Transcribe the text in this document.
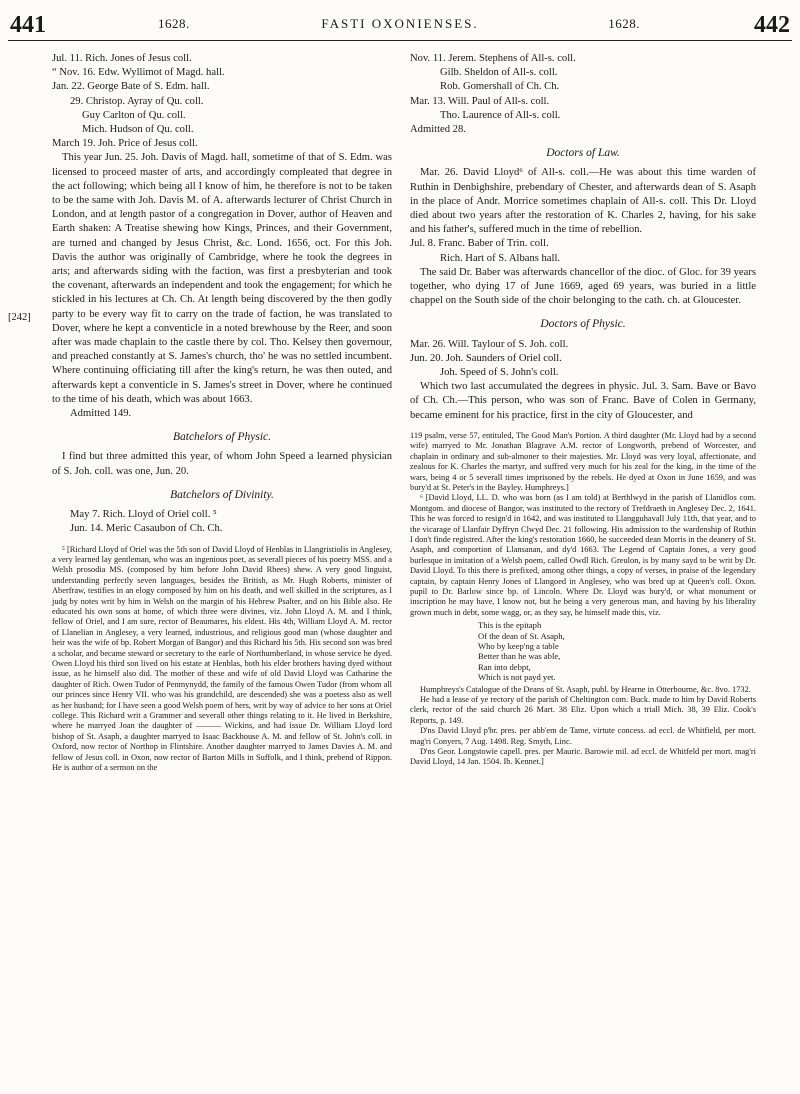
441	1628.	FASTI OXONIENSES.	1628.	442
[242]

Jul. 11. Rich. Jones of Jesus coll.

“ Nov. 16. Edw. Wyllimot of Magd. hall.

Jan. 22. George Bate of S. Edm. hall.

29. Christop. Ayray of Qu. coll.

Guy Carlton of Qu. coll.

Mich. Hudson of Qu. coll.

March 19. Joh. Price of Jesus coll.

This year Jun. 25. Joh. Davis of Magd. hall, sometime of that of S. Edm. was licensed to proceed master of arts, and accordingly compleated that degree in the act following; which being all I know of him, he therefore is not to be taken to be the same with Joh. Davis M. of A. afterwards lecturer of Christ Church in London, and at length pastor of a congregation in Dover, author of Heaven and Earth shaken: A Treatise shewing how Kings, Princes, and their Government, are turned and changed by Jesus Christ, &c. Lond. 1656, oct. For this Joh. Davis the author was originally of Cambridge, where he took the degrees in arts; and afterwards siding with the faction, was first a presbyterian and took the covenant, afterwards an independent and took the engagement; for which he stickled in his lectures at Ch. Ch. At length being discovered by the then godly party to be every way fit to carry on the trade of faction, he was translated to Dover, where he kept a conventicle in a noted brewhouse by the Reer, and soon after was made chaplain to the castle there by col. Tho. Kelsey then governour, and preached constantly at S. James's church, tho' he was no settled incumbent. Where continuing officiating till after the king's return, he was then outed, and afterwards kept a conventicle in S. James's street in Dover, where he continued to the time of his death, which was about 1663.

Admitted 149.

Batchelors of Physic.

I find but three admitted this year, of whom John Speed a learned physician of S. Joh. coll. was one, Jun. 20.

Batchelors of Divinity.

May 7. Rich. Lloyd of Oriel coll. ⁵

Jun. 14. Meric Casaubon of Ch. Ch.

⁵ [Richard Lloyd of Oriel was the 5th son of David Lloyd of Henblas in Llangristiolis in Anglesey, a very learned lay gentleman, who was an ingenious poet, as severall pieces of his poetry MSS. and a Welsh prosodia MS. (composed by him before John David Rhees) shew. A very good linguist, understanding perfectly seven languages, besides the British, as Mr. Hugh Roberts, minister of Aberfraw, testifies in an elogy composed by him on his death, and well skilled in the scriptures, as I judg by notes writ by him in Welsh on the margin of his Hebrew Psalter, and on his Bible also. He educated his own sons at home, of which three were divines, viz. John Lloyd A. M. and I think, fellow of Oriel, and I am sure, rector of Beaumares, his eldest. His 4th, William Lloyd A. M. rector of Llanelian in Anglesey, a very learned, industrious, and religious good man (whose daughter and heir was the wife of bp. Robert Morgan of Bangor) and this Richard his 5th. His second son was bred a scholar, and became steward or secretary to the earle of Northumberland, in whose service he dyed. Owen Lloyd his third son lived on his estate at Henblas, both his elder brothers having dyed without issue, as he himself also did. The mother of these and wife of old David Lloyd was Catharine the daughter of Rich. Owen Tudor of Penmynydd, the family of the famous Owen Tudor (from whom all our princes since Henry VII. who was his grandchild, are descended) she was a poetess also as well as her husband; for I have seen a good Welsh poem of hers, writ by way of advice to her sons at Oriel college. This Richard writ a Grammer and severall other things relating to it. He lived in Berkshire, where he marryed Joan the daughter of ——— Wickins, and had issue Dr. William Lloyd lord bishop of St. Asaph, a daughter marryed to Isaac Backhouse A. M. and fellow of St. John's coll. in Oxford, now rector of Northop in Flintshire. Another daughter marryed to James Davies A. M. and fellow of Jesus coll. in Oxon, now rector of Barton Mills in Suffolk, and I think, prebend of Rippon. He is author of a sermon on the

Nov. 11. Jerem. Stephens of All-s. coll.

Gilb. Sheldon of All-s. coll.

Rob. Gomershall of Ch. Ch.

Mar. 13. Will. Paul of All-s. coll.

Tho. Laurence of All-s. coll.

Admitted 28.

Doctors of Law.

Mar. 26. David Lloyd⁶ of All-s. coll.—He was about this time warden of Ruthin in Denbighshire, prebendary of Chester, and afterwards dean of S. Asaph in the place of Andr. Morrice sometimes chaplain of All-s. coll. This Dr. Lloyd died about two years after the restoration of K. Charles 2, having, for his sake and his father's, suffered much in the time of rebellion.

Jul. 8. Franc. Baber of Trin. coll.

Rich. Hart of S. Albans hall.

The said Dr. Baber was afterwards chancellor of the dioc. of Gloc. for 39 years together, who dying 17 of June 1669, aged 69 years, was buried in a little chappel on the South side of the choir belonging to the cath. ch. at Gloucester.

Doctors of Physic.

Mar. 26. Will. Taylour of S. Joh. coll.

Jun. 20. Joh. Saunders of Oriel coll.

Joh. Speed of S. John's coll.

Which two last accumulated the degrees in physic. Jul. 3. Sam. Bave or Bavo of Ch. Ch.—This person, who was son of Franc. Bave of Colen in Germany, became eminent for his practice, first in the city of Gloucester, and

119 psalm, verse 57, entituled, The Good Man's Portion. A third daughter (Mr. Lloyd had by a second wife) marryed to Mr. Jonathan Blagrave A.M. rector of Longworth, prebend of Worcester, and chaplain in ordinary and sub-almoner to their majesties. Mr. Lloyd was very loyal, affectionate, and zealous for K. Charles the martyr, and suffred very much for his zeal for the king, in the time of the wars, being 4 or 5 severall times imprisoned by the rebels. He dyed at Oxon in June 1659, and was bury'd at St. Peter's in the Bayley. Humphreys.]

⁶ [David Lloyd, LL. D. who was born (as I am told) at Berthlwyd in the parish of Llanidlos com. Montgom. and diocese of Bangor, was instituted to the rectory of Trefdraeth in Anglesey Dec. 2, 1641. This he was forced to resign'd in 1642, and was instituted to Llangguhavall July 11th, that year, and to the vicarage of Llanfair Dyffryn Clwyd Dec. 21 following. His admission to the wardenship of Ruthin I don't finde registred. After the king's restoration 1660, he succeeded dean Morris in the deanery of St. Asaph, and comportion of Llansanan, and dy'd 1663. The Legend of Captain Jones, a very good burlesque in imitation of a Welsh poem, called Owdl Rich. Greulon, is by many sayd to be writ by Dr. David Lloyd. To this there is prefixed, among other things, a copy of verses, in praise of the legendary captain, by captain Henry Jones of Llangoed in Anglesey, who was bred up at Queen's coll. Oxon. pupil to Dr. Barlow since bp. of Lincoln. Where Dr. Lloyd was bury'd, or what monument or inscription he may have, I know not, but he being a very generous man, and having by his liberality grown much in debt, some wagg, or, as they say, he himself made this, viz.

This is the epitaph

Of the dean of St. Asaph,

Who by keep'ng a table

Better than he was able,

Ran into debpt,

Which is not payd yet.

Humphreys's Catalogue of the Deans of St. Asaph, publ. by Hearne in Otterbourne, &c. 8vo. 1732.

He had a lease of ye rectory of the parish of Cheltington com. Buck. made to him by David Roberts clerk, rector of the said church 26 Mart. 38 Eliz. Upon which a triall Mich. 38, 39 Eliz. Cook's Reports, p. 149.

D'ns David Lloyd p'br. pres. per abb'em de Tame, virtute concess. ad eccl. de Whitfield, per mort. mag'ri Conyers, 7 Aug. 1498. Reg. Smyth, Linc.

D'ns Geor. Longstowie capell. pres. per Mauric. Barowie mil. ad eccl. de Whitfeld per mort. mag'ri David Lloyd, 14 Jan. 1504. Ib. Kennet.]
